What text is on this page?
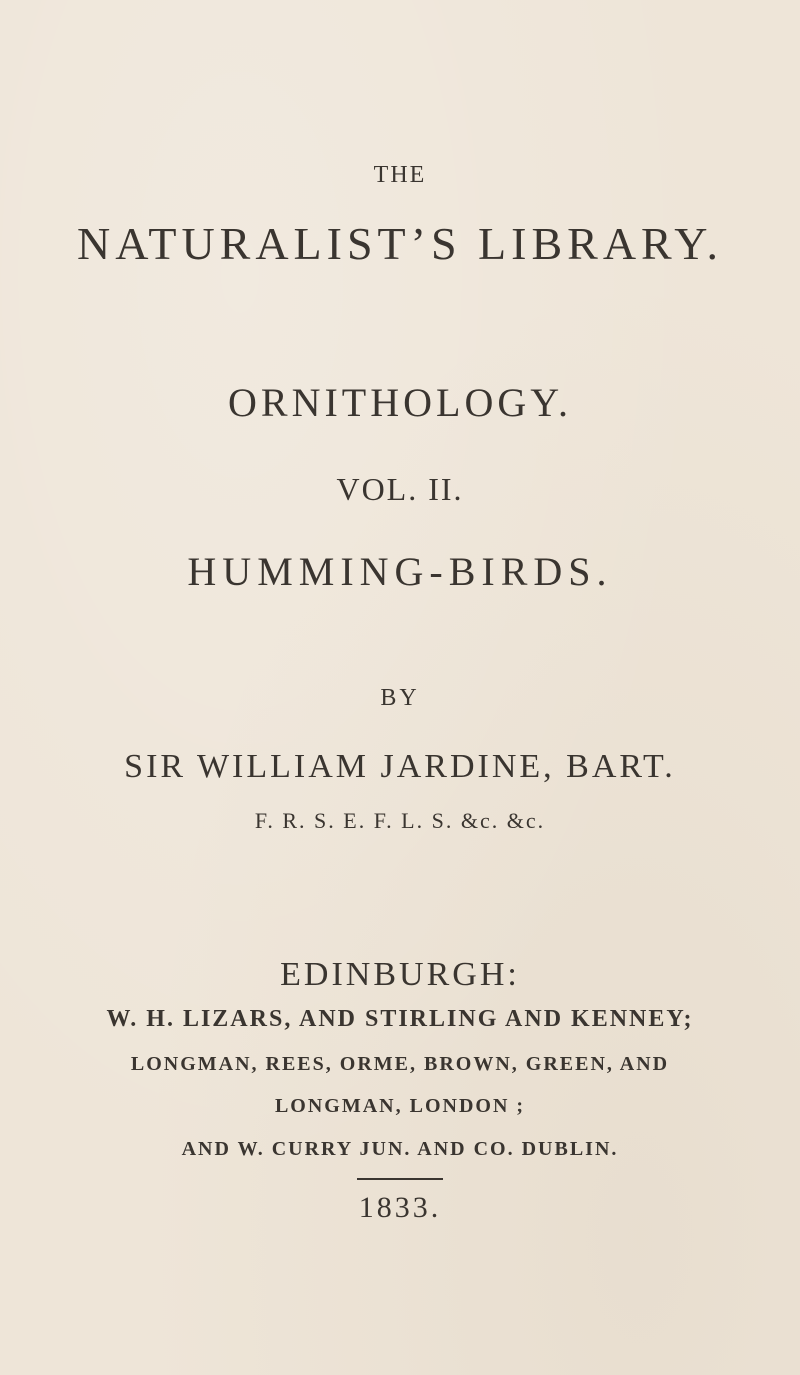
THE
NATURALIST’S LIBRARY.
ORNITHOLOGY.
VOL. II.
HUMMING-BIRDS.
BY
SIR WILLIAM JARDINE, BART.
F. R. S. E. F. L. S. &c. &c.
EDINBURGH:
W. H. LIZARS, AND STIRLING AND KENNEY;
LONGMAN, REES, ORME, BROWN, GREEN, AND
LONGMAN, LONDON ;
AND W. CURRY JUN. AND CO. DUBLIN.
1833.
